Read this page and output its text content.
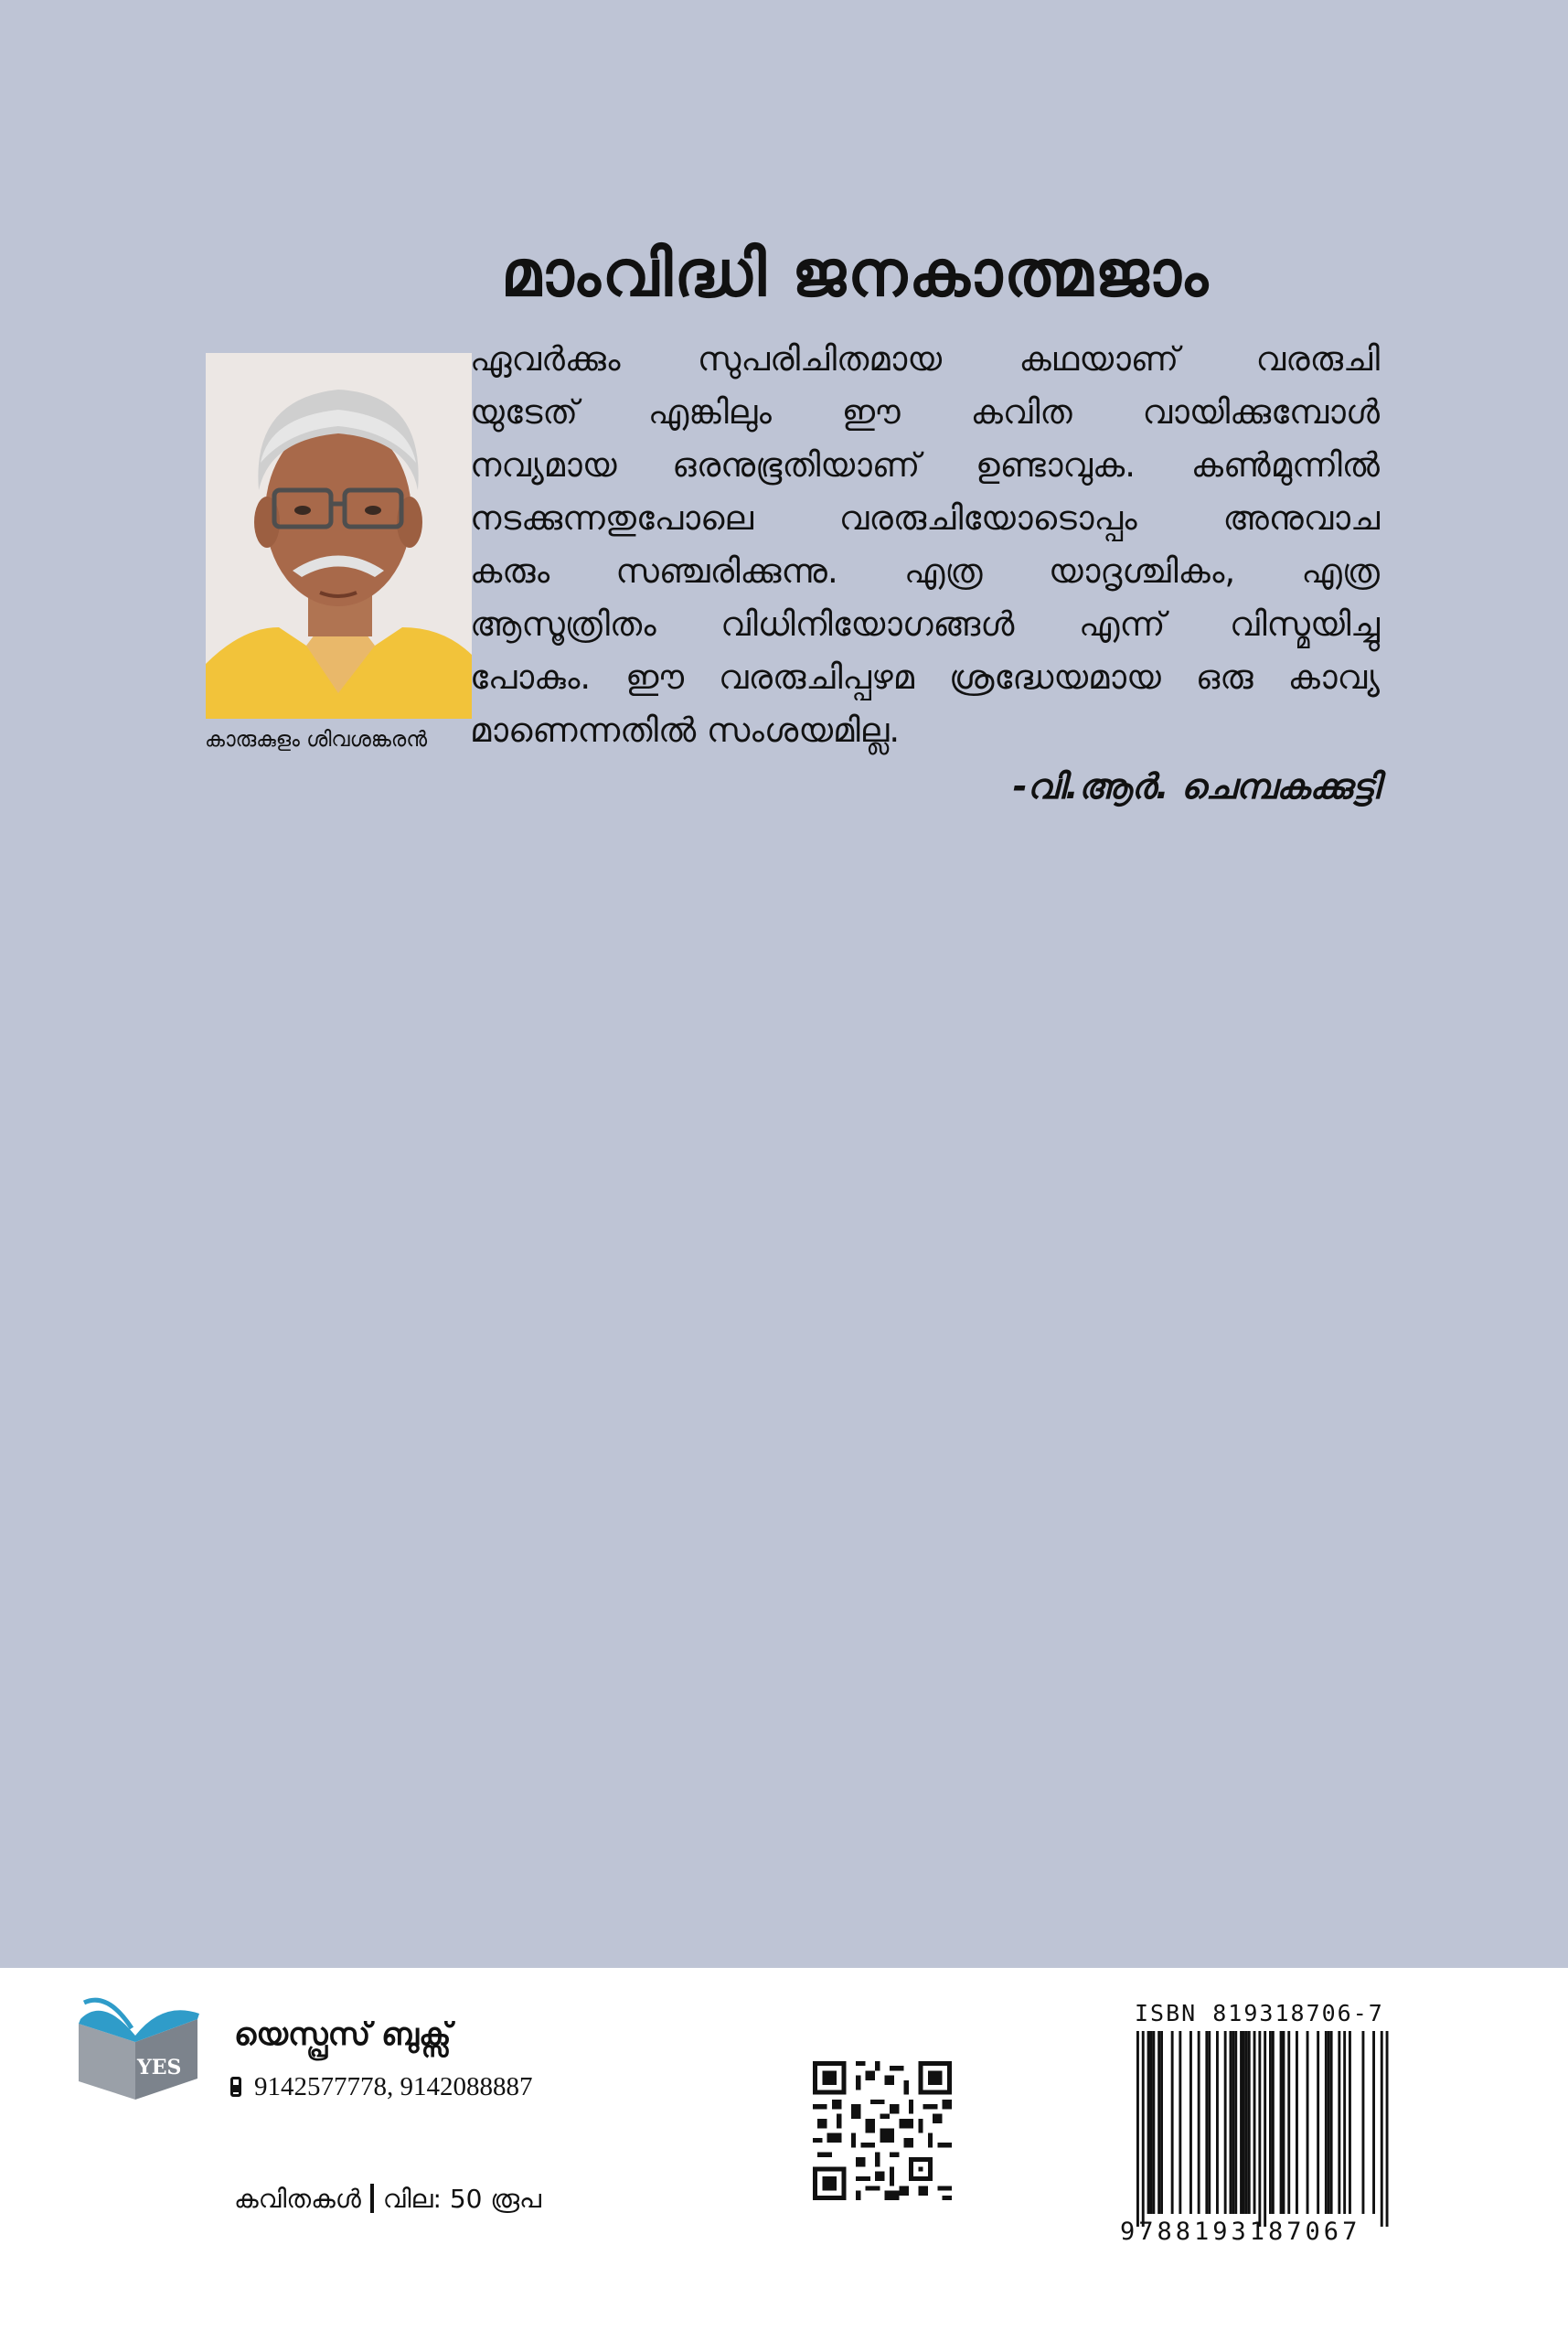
മാംവിദ്ധി ജനകാത്മജാം
കാരുകുളം ശിവശങ്കരൻ
ഏവർക്കും സുപരിചിതമായ കഥയാണ് വരരുചി
യുടേത് എങ്കിലും ഈ കവിത വായിക്കുമ്പോൾ
നവ്യമായ ഒരനുഭൂതിയാണ് ഉണ്ടാവുക. കൺമുന്നിൽ
നടക്കുന്നതുപോലെ വരരുചിയോടൊപ്പം അനുവാച
കരും സഞ്ചരിക്കുന്നു. എത്ര യാദൃശ്ചികം, എത്ര
ആസൂത്രിതം വിധിനിയോഗങ്ങൾ എന്ന് വിസ്മയിച്ചു
പോകും. ഈ വരരുചിപ്പഴമ ശ്രദ്ധേയമായ ഒരു കാവ്യ
മാണെന്നതിൽ സംശയമില്ല.
-വി.ആർ. ചെമ്പകക്കുട്ടി
YES
യെസ്പ്രസ് ബുക്സ്
9142577778, 9142088887
കവിതകൾ വില: 50 രൂപ
ISBN 819318706-7
9788193187067
